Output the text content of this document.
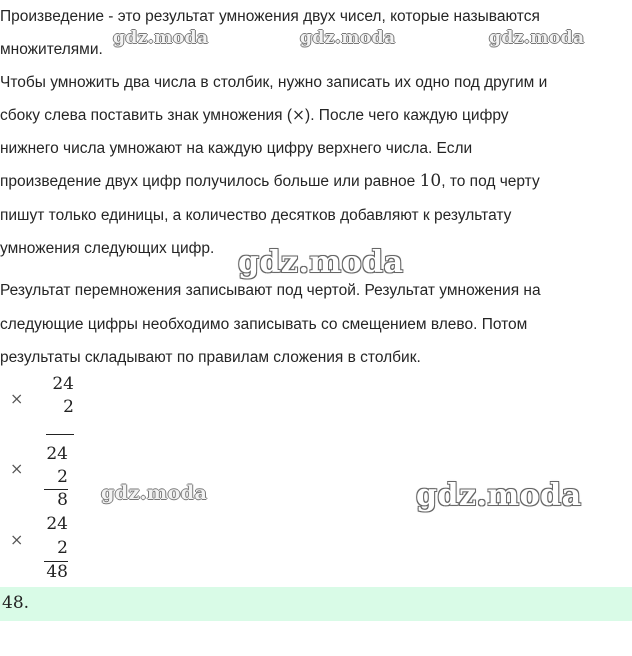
Произведение - это результат умножения двух чисел, которые называются
множителями.
Чтобы умножить два числа в столбик, нужно записать их одно под другим и
сбоку слева поставить знак умножения (×). После чего каждую цифру
нижнего числа умножают на каждую цифру верхнего числа. Если
произведение двух цифр получилось больше или равное 10, то под черту
пишут только единицы, а количество десятков добавляют к результату
умножения следующих цифр.
Результат перемножения записывают под чертой. Результат умножения на
следующие цифры необходимо записывать со смещением влево. Потом
результаты складывают по правилам сложения в столбик.
×
24
2
×
24
2
8
×
24
2
48
48.
gdz.moda	gdz.moda	gdz.moda
gdz.moda
gdz.moda	gdz.moda
